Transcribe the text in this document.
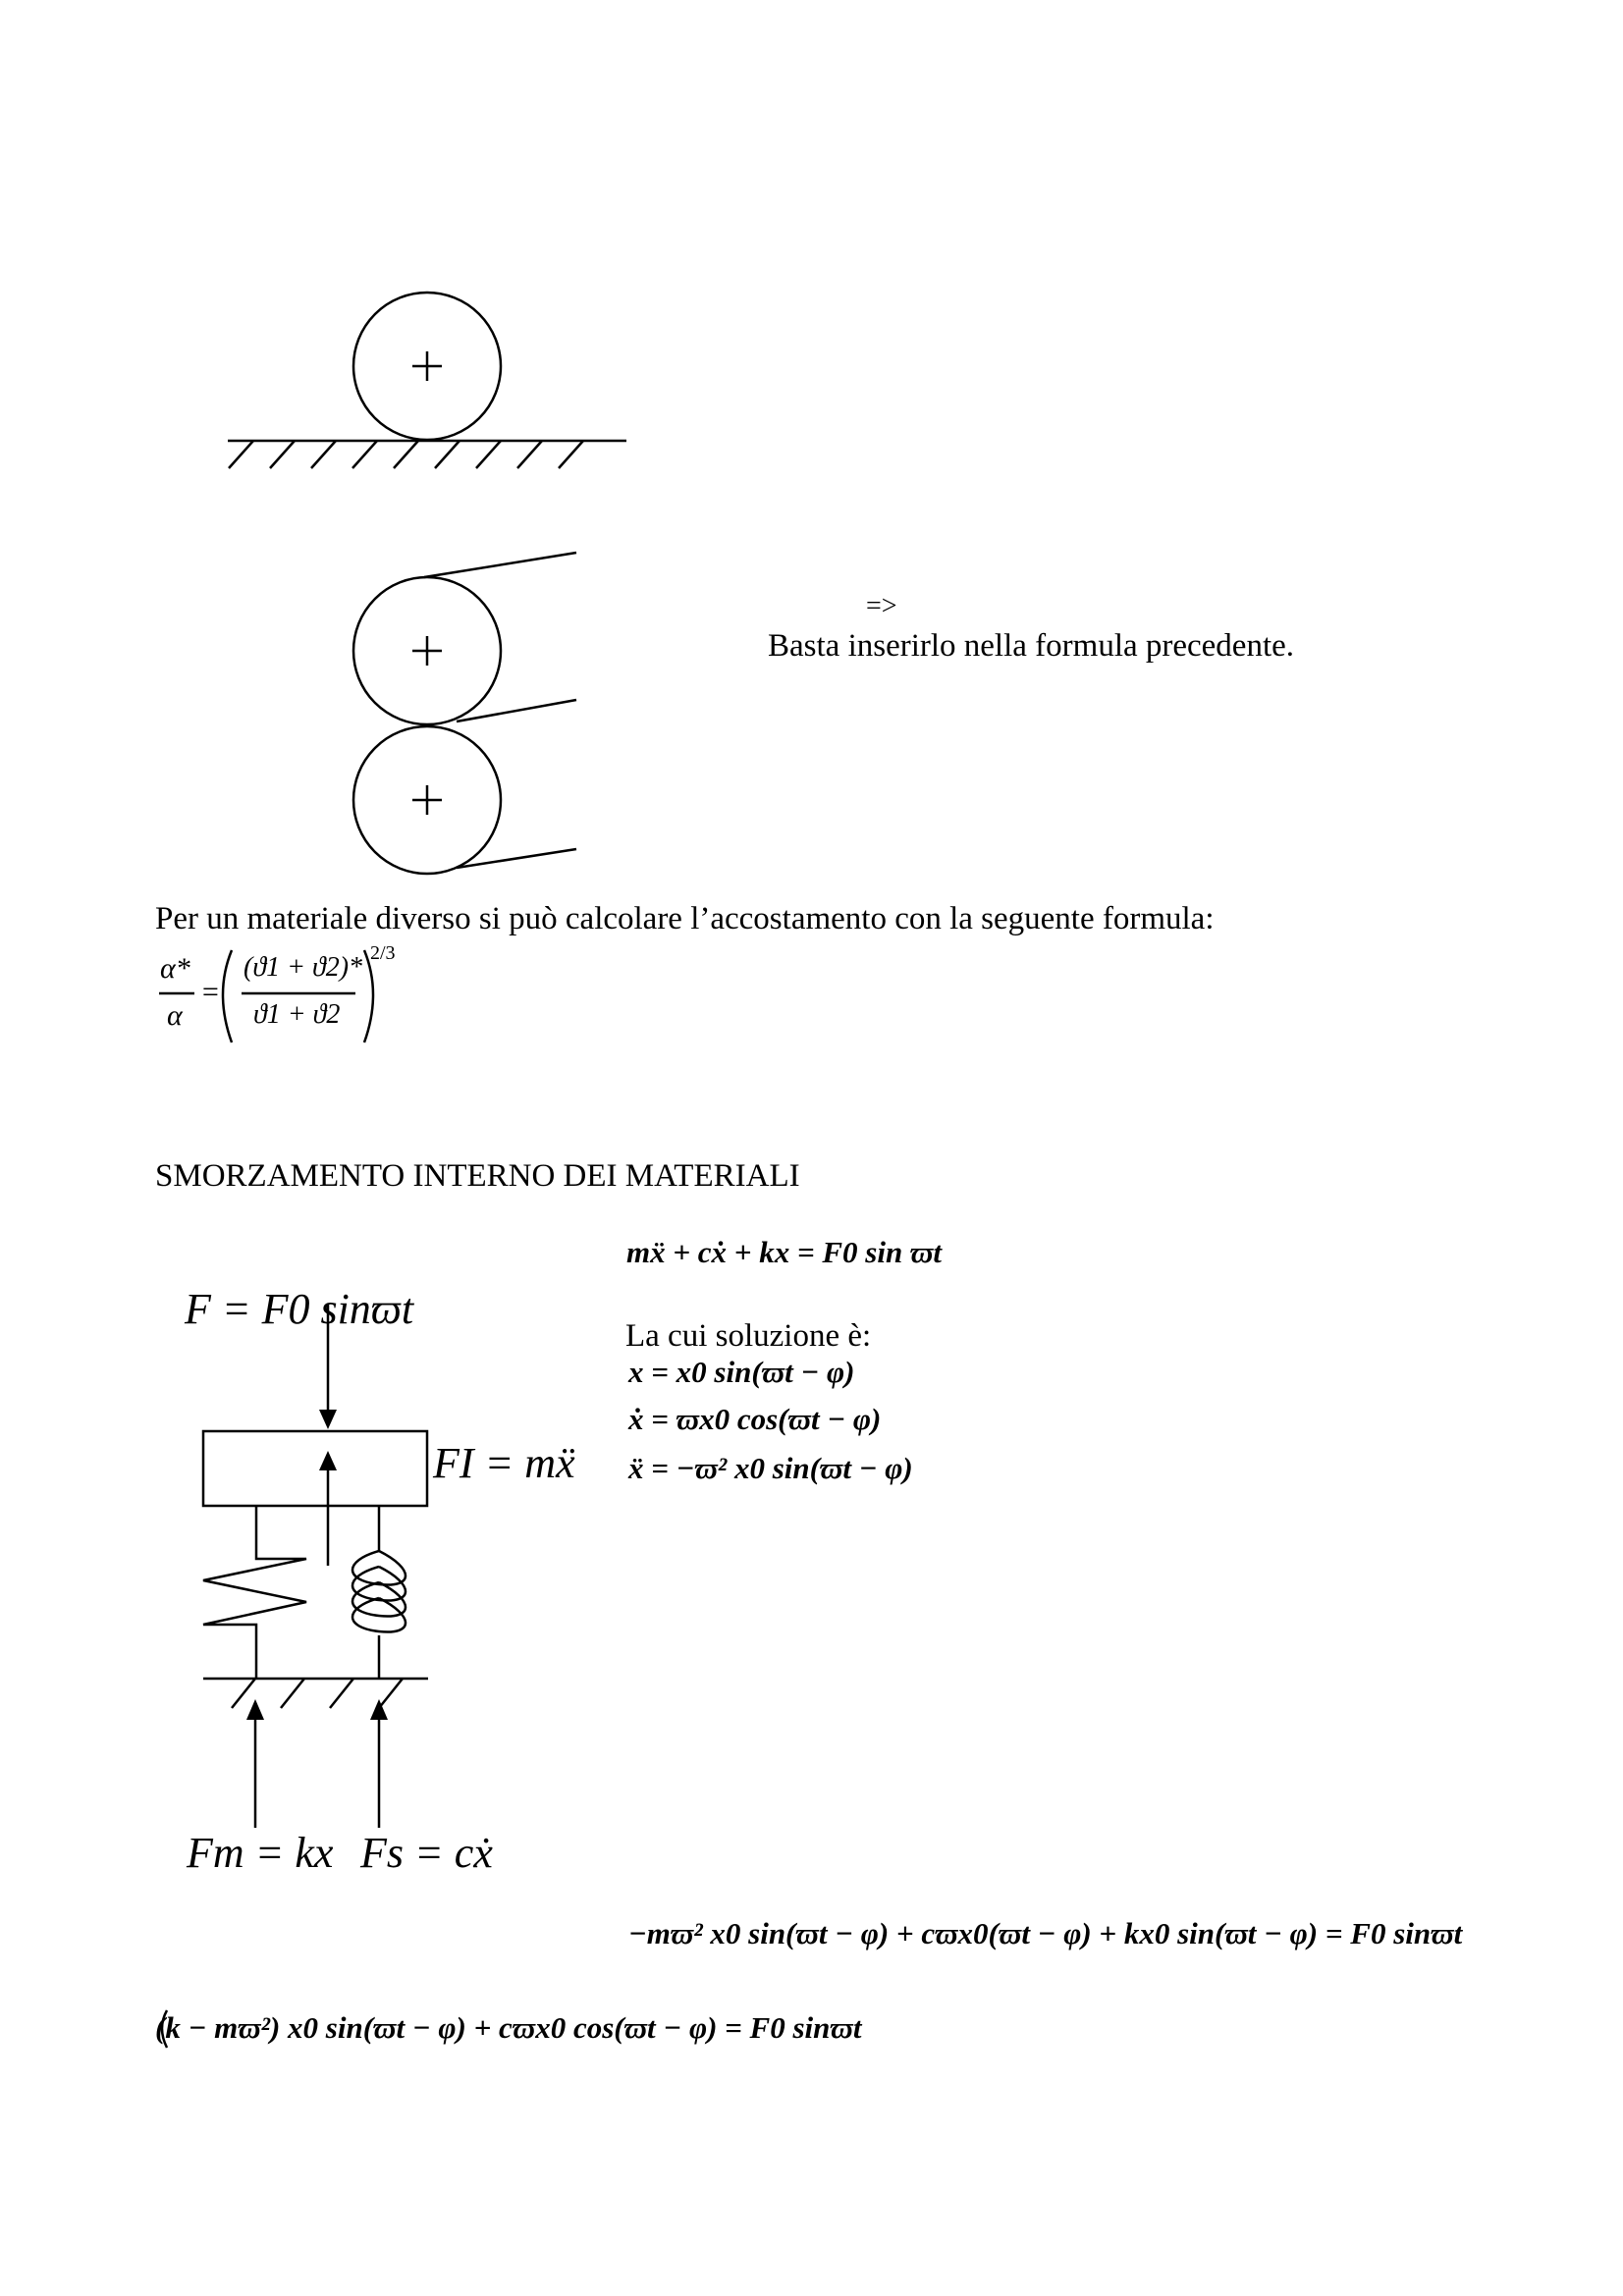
=>
Basta inserirlo nella formula precedente.
Per un materiale diverso si può calcolare l’accostamento con la seguente formula:
α*
α
=
(ϑ1 + ϑ2)*
ϑ1 + ϑ2
2/3
SMORZAMENTO INTERNO DEI MATERIALI
mẍ + cẋ + kx = F0 sin ϖt
La cui soluzione è:
x = x0 sin(ϖt − φ)
ẋ = ϖx0 cos(ϖt − φ)
ẍ = −ϖ² x0 sin(ϖt − φ)
F = F0 sinϖt
FI = mẍ
Fm = kx Fs = cẋ
−mϖ² x0 sin(ϖt − φ) + cϖx0(ϖt − φ) + kx0 sin(ϖt − φ) = F0 sinϖt
(k − mϖ²) x0 sin(ϖt − φ) + cϖx0 cos(ϖt − φ) = F0 sinϖt
